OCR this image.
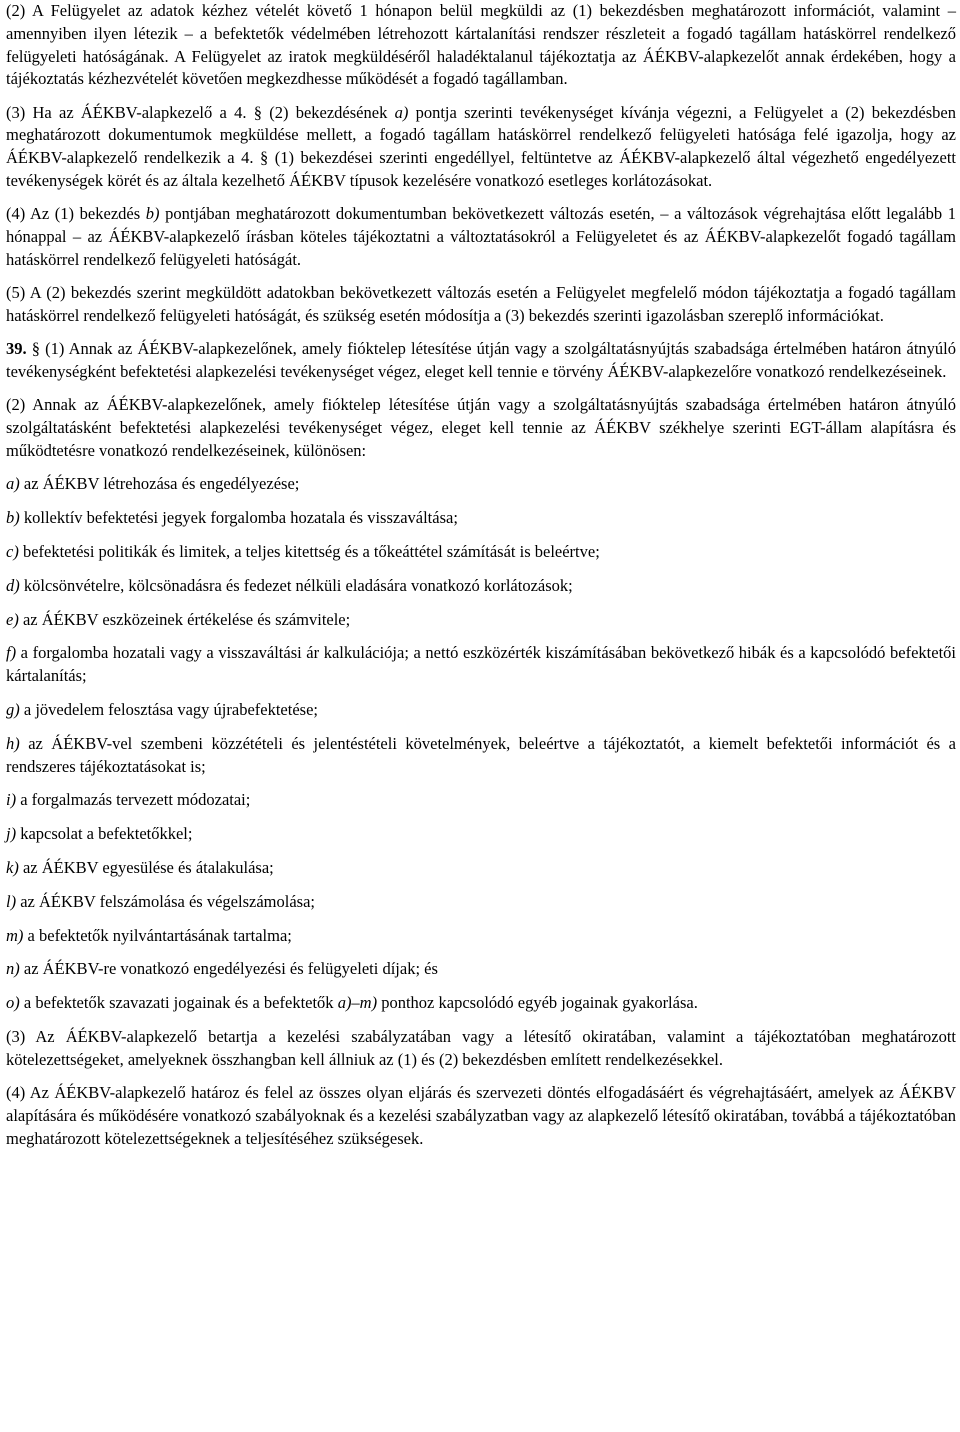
(2) A Felügyelet az adatok kézhez vételét követő 1 hónapon belül megküldi az (1) bekezdésben meghatározott információt, valamint – amennyiben ilyen létezik – a befektetők védelmében létrehozott kártalanítási rendszer részleteit a fogadó tagállam hatáskörrel rendelkező felügyeleti hatóságának. A Felügyelet az iratok megküldéséről haladéktalanul tájékoztatja az ÁÉKBV-alapkezelőt annak érdekében, hogy a tájékoztatás kézhezvételét követően megkezdhesse működését a fogadó tagállamban.

(3) Ha az ÁÉKBV-alapkezelő a 4. § (2) bekezdésének a) pontja szerinti tevékenységet kívánja végezni, a Felügyelet a (2) bekezdésben meghatározott dokumentumok megküldése mellett, a fogadó tagállam hatáskörrel rendelkező felügyeleti hatósága felé igazolja, hogy az ÁÉKBV-alapkezelő rendelkezik a 4. § (1) bekezdései szerinti engedéllyel, feltüntetve az ÁÉKBV-alapkezelő által végezhető engedélyezett tevékenységek körét és az általa kezelhető ÁÉKBV típusok kezelésére vonatkozó esetleges korlátozásokat.

(4) Az (1) bekezdés b) pontjában meghatározott dokumentumban bekövetkezett változás esetén, – a változások végrehajtása előtt legalább 1 hónappal – az ÁÉKBV-alapkezelő írásban köteles tájékoztatni a változtatásokról a Felügyeletet és az ÁÉKBV-alapkezelőt fogadó tagállam hatáskörrel rendelkező felügyeleti hatóságát.

(5) A (2) bekezdés szerint megküldött adatokban bekövetkezett változás esetén a Felügyelet megfelelő módon tájékoztatja a fogadó tagállam hatáskörrel rendelkező felügyeleti hatóságát, és szükség esetén módosítja a (3) bekezdés szerinti igazolásban szereplő információkat.

39. § (1) Annak az ÁÉKBV-alapkezelőnek, amely fióktelep létesítése útján vagy a szolgáltatásnyújtás szabadsága értelmében határon átnyúló tevékenységként befektetési alapkezelési tevékenységet végez, eleget kell tennie e törvény ÁÉKBV-alapkezelőre vonatkozó rendelkezéseinek.

(2) Annak az ÁÉKBV-alapkezelőnek, amely fióktelep létesítése útján vagy a szolgáltatásnyújtás szabadsága értelmében határon átnyúló szolgáltatásként befektetési alapkezelési tevékenységet végez, eleget kell tennie az ÁÉKBV székhelye szerinti EGT-állam alapításra és működtetésre vonatkozó rendelkezéseinek, különösen:

a) az ÁÉKBV létrehozása és engedélyezése;

b) kollektív befektetési jegyek forgalomba hozatala és visszaváltása;

c) befektetési politikák és limitek, a teljes kitettség és a tőkeáttétel számítását is beleértve;

d) kölcsönvételre, kölcsönadásra és fedezet nélküli eladására vonatkozó korlátozások;

e) az ÁÉKBV eszközeinek értékelése és számvitele;

f) a forgalomba hozatali vagy a visszaváltási ár kalkulációja; a nettó eszközérték kiszámításában bekövetkező hibák és a kapcsolódó befektetői kártalanítás;

g) a jövedelem felosztása vagy újrabefektetése;

h) az ÁÉKBV-vel szembeni közzétételi és jelentéstételi követelmények, beleértve a tájékoztatót, a kiemelt befektetői információt és a rendszeres tájékoztatásokat is;

i) a forgalmazás tervezett módozatai;

j) kapcsolat a befektetőkkel;

k) az ÁÉKBV egyesülése és átalakulása;

l) az ÁÉKBV felszámolása és végelszámolása;

m) a befektetők nyilvántartásának tartalma;

n) az ÁÉKBV-re vonatkozó engedélyezési és felügyeleti díjak; és

o) a befektetők szavazati jogainak és a befektetők a)–m) ponthoz kapcsolódó egyéb jogainak gyakorlása.

(3) Az ÁÉKBV-alapkezelő betartja a kezelési szabályzatában vagy a létesítő okiratában, valamint a tájékoztatóban meghatározott kötelezettségeket, amelyeknek összhangban kell állniuk az (1) és (2) bekezdésben említett rendelkezésekkel.

(4) Az ÁÉKBV-alapkezelő határoz és felel az összes olyan eljárás és szervezeti döntés elfogadásáért és végrehajtásáért, amelyek az ÁÉKBV alapítására és működésére vonatkozó szabályoknak és a kezelési szabályzatban vagy az alapkezelő létesítő okiratában, továbbá a tájékoztatóban meghatározott kötelezettségeknek a teljesítéséhez szükségesek.
